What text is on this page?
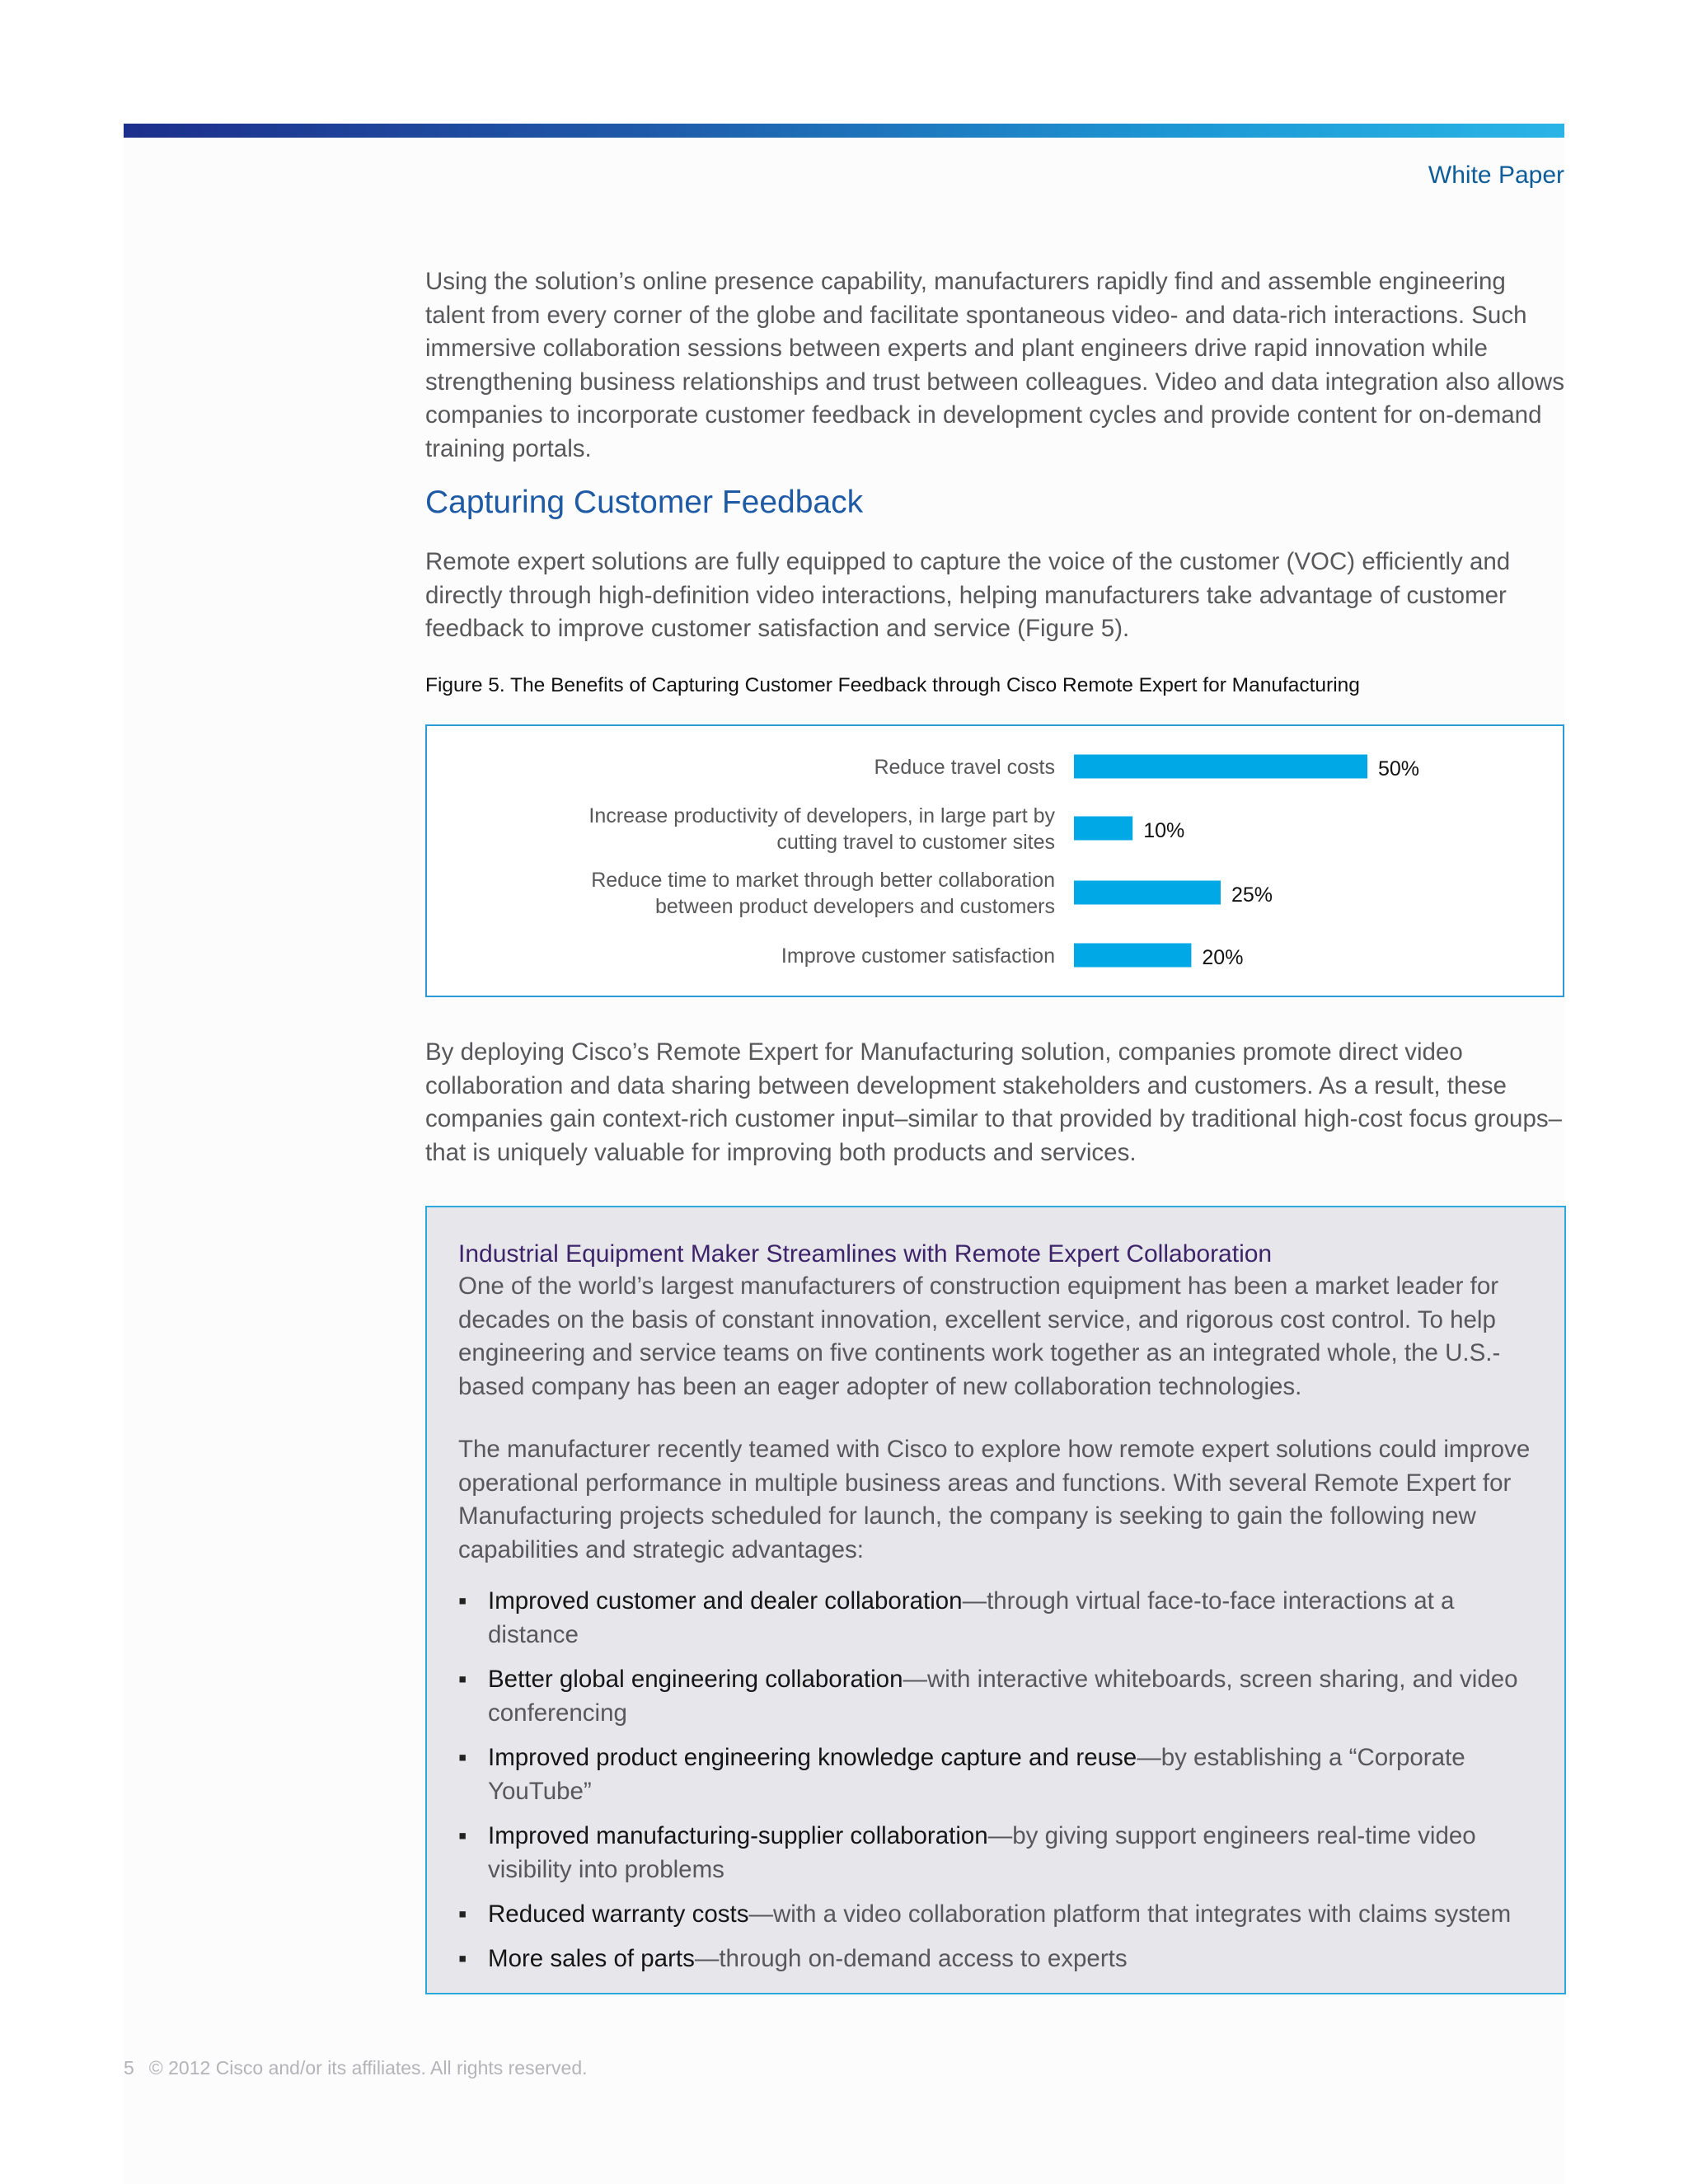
White Paper

Using the solution’s online presence capability, manufacturers rapidly find and assemble engineering talent from every corner of the globe and facilitate spontaneous video- and data-rich interactions. Such immersive collaboration sessions between experts and plant engineers drive rapid innovation while strengthening business relationships and trust between colleagues. Video and data integration also allows companies to incorporate customer feedback in development cycles and provide content for on-demand training portals.

Capturing Customer Feedback

Remote expert solutions are fully equipped to capture the voice of the customer (VOC) efficiently and directly through high-definition video interactions, helping manufacturers take advantage of customer feedback to improve customer satisfaction and service (Figure 5).

Figure 5. The Benefits of Capturing Customer Feedback through Cisco Remote Expert for Manufacturing

50%
Reduce travel costs
10%
Increase productivity of developers, in large part by
cutting travel to customer sites
25%
Reduce time to market through better collaboration
between product developers and customers
20%
Improve customer satisfaction

By deploying Cisco’s Remote Expert for Manufacturing solution, companies promote direct video collaboration and data sharing between development stakeholders and customers. As a result, these companies gain context-rich customer input–similar to that provided by traditional high-cost focus groups–that is uniquely valuable for improving both products and services.

Industrial Equipment Maker Streamlines with Remote Expert Collaboration

One of the world’s largest manufacturers of construction equipment has been a market leader for decades on the basis of constant innovation, excellent service, and rigorous cost control. To help engineering and service teams on five continents work together as an integrated whole, the U.S.-based company has been an eager adopter of new collaboration technologies.

The manufacturer recently teamed with Cisco to explore how remote expert solutions could improve operational performance in multiple business areas and functions. With several Remote Expert for Manufacturing projects scheduled for launch, the company is seeking to gain the following new capabilities and strategic advantages:

▪ Improved customer and dealer collaboration—through virtual face-to-face interactions at a distance
▪ Better global engineering collaboration—with interactive whiteboards, screen sharing, and video conferencing
▪ Improved product engineering knowledge capture and reuse—by establishing a “Corporate YouTube”
▪ Improved manufacturing-supplier collaboration—by giving support engineers real-time video visibility into problems
▪ Reduced warranty costs—with a video collaboration platform that integrates with claims system
▪ More sales of parts—through on-demand access to experts
5 © 2012 Cisco and/or its affiliates. All rights reserved.
